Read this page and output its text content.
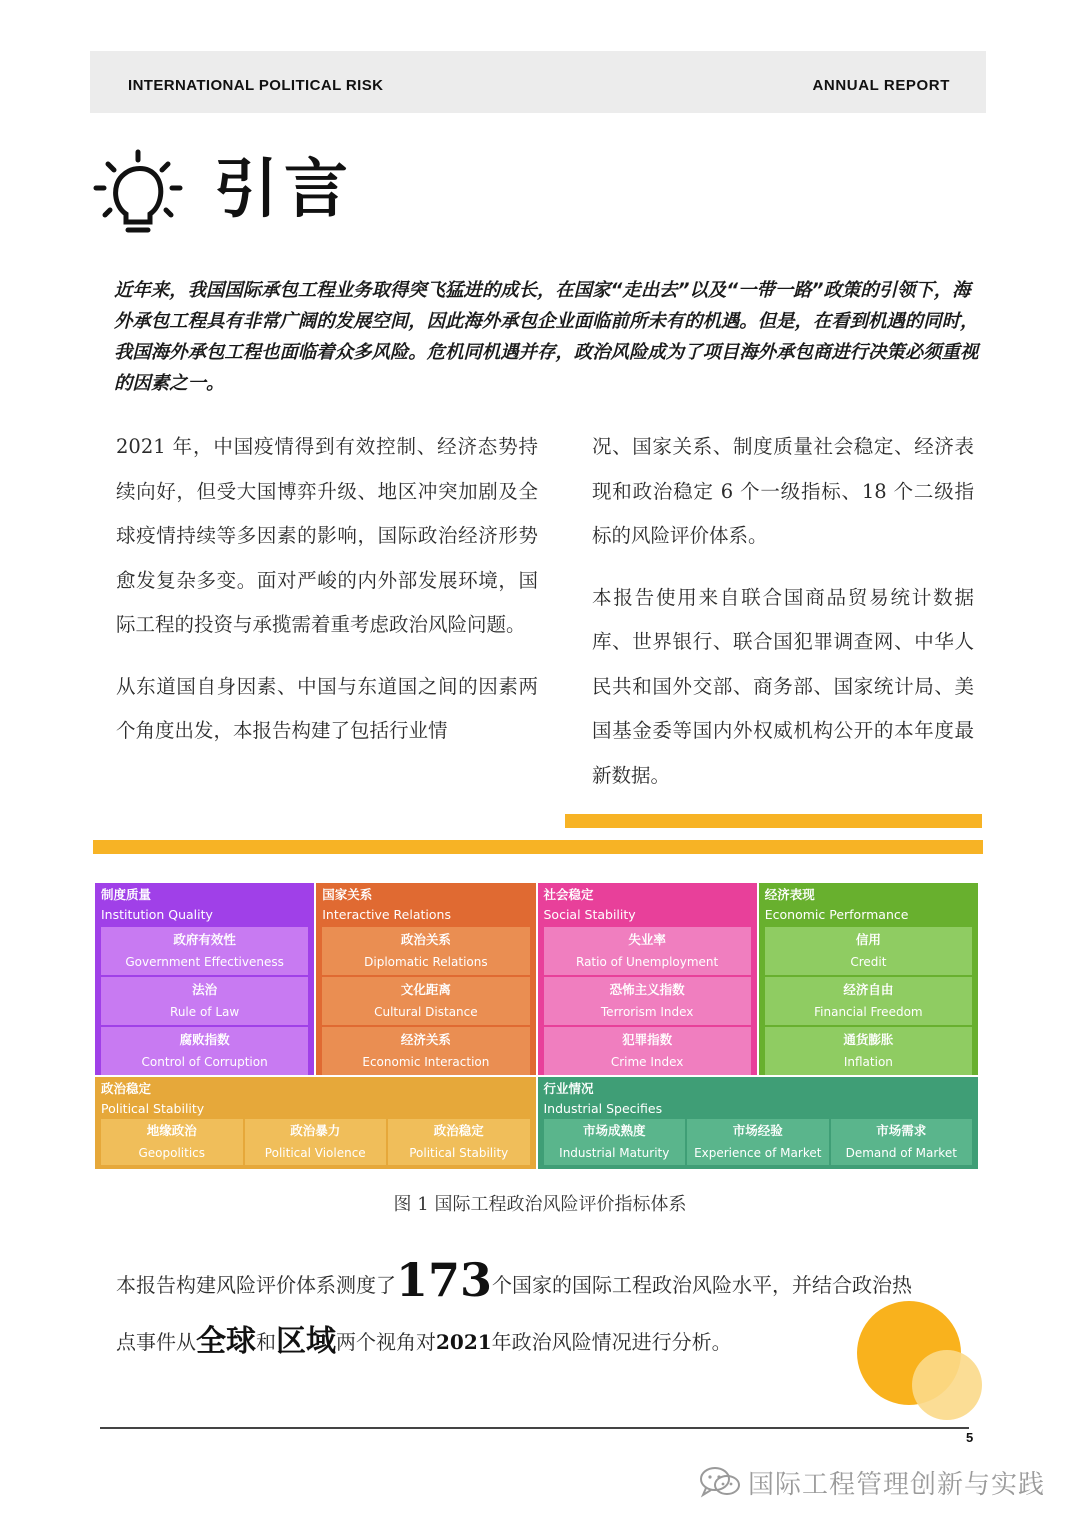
INTERNATIONAL POLITICAL RISK	ANNUAL REPORT
引言
近年来，我国国际承包工程业务取得突飞猛进的成长，在国家“走出去”以及“一带一路”政策的引领下，海外承包工程具有非常广阔的发展空间，因此海外承包企业面临前所未有的机遇。但是，在看到机遇的同时，我国海外承包工程也面临着众多风险。危机同机遇并存，政治风险成为了项目海外承包商进行决策必须重视的因素之一。

2021 年，中国疫情得到有效控制、经济态势持续向好，但受大国博弈升级、地区冲突加剧及全球疫情持续等多因素的影响，国际政治经济形势愈发复杂多变。面对严峻的内外部发展环境，国际工程的投资与承揽需着重考虑政治风险问题。

从东道国自身因素、中国与东道国之间的因素两个角度出发，本报告构建了包括行业情

况、国家关系、制度质量社会稳定、经济表现和政治稳定 6 个一级指标、18 个二级指标的风险评价体系。

本报告使用来自联合国商品贸易统计数据库、世界银行、联合国犯罪调查网、中华人民共和国外交部、商务部、国家统计局、美国基金委等国内外权威机构公开的本年度最新数据。

制度质量
Institution Quality
政府有效性
Government Effectiveness
法治
Rule of Law
腐败指数
Control of Corruption
国家关系
Interactive Relations
政治关系
Diplomatic Relations
文化距离
Cultural Distance
经济关系
Economic Interaction
社会稳定
Social Stability
失业率
Ratio of Unemployment
恐怖主义指数
Terrorism Index
犯罪指数
Crime Index
经济表现
Economic Performance
信用
Credit
经济自由
Financial Freedom
通货膨胀
Inflation
政治稳定
Political Stability
地缘政治
Geopolitics
政治暴力
Political Violence
政治稳定
Political Stability
行业情况
Industrial Specifies
市场成熟度
Industrial Maturity
市场经验
Experience of Market
市场需求
Demand of Market
图 1 国际工程政治风险评价指标体系
本报告构建风险评价体系测度了173个国家的国际工程政治风险水平，并结合政治热
点事件从全球和区域两个视角对2021年政治风险情况进行分析。
5
国际工程管理创新与实践
